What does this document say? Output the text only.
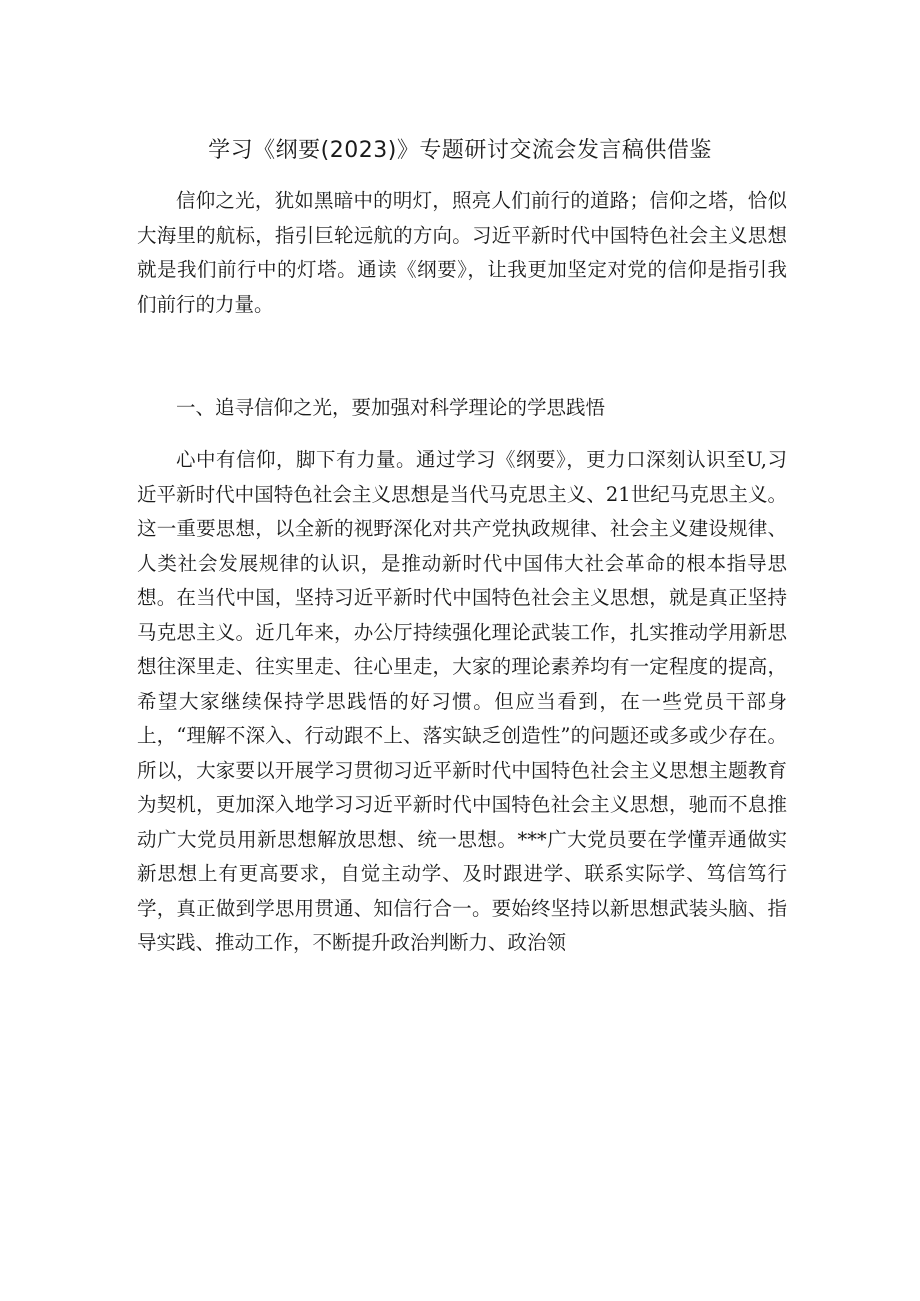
学习《纲要(2023)》专题研讨交流会发言稿供借鉴

信仰之光，犹如黑暗中的明灯，照亮人们前行的道路；信仰之塔，恰似大海里的航标，指引巨轮远航的方向。习近平新时代中国特色社会主义思想就是我们前行中的灯塔。通读《纲要》，让我更加坚定对党的信仰是指引我们前行的力量。

一、追寻信仰之光，要加强对科学理论的学思践悟

心中有信仰，脚下有力量。通过学习《纲要》，更力口深刻认识至U,习近平新时代中国特色社会主义思想是当代马克思主义、21世纪马克思主义。这一重要思想，以全新的视野深化对共产党执政规律、社会主义建设规律、人类社会发展规律的认识，是推动新时代中国伟大社会革命的根本指导思想。在当代中国，坚持习近平新时代中国特色社会主义思想，就是真正坚持马克思主义。近几年来，办公厅持续强化理论武装工作，扎实推动学用新思想往深里走、往实里走、往心里走，大家的理论素养均有一定程度的提高，希望大家继续保持学思践悟的好习惯。但应当看到，在一些党员干部身上，“理解不深入、行动跟不上、落实缺乏创造性”的问题还或多或少存在。所以，大家要以开展学习贯彻习近平新时代中国特色社会主义思想主题教育为契机，更加深入地学习习近平新时代中国特色社会主义思想，驰而不息推动广大党员用新思想解放思想、统一思想。***广大党员要在学懂弄通做实新思想上有更高要求，自觉主动学、及时跟进学、联系实际学、笃信笃行学，真正做到学思用贯通、知信行合一。要始终坚持以新思想武装头脑、指导实践、推动工作，不断提升政治判断力、政治领
